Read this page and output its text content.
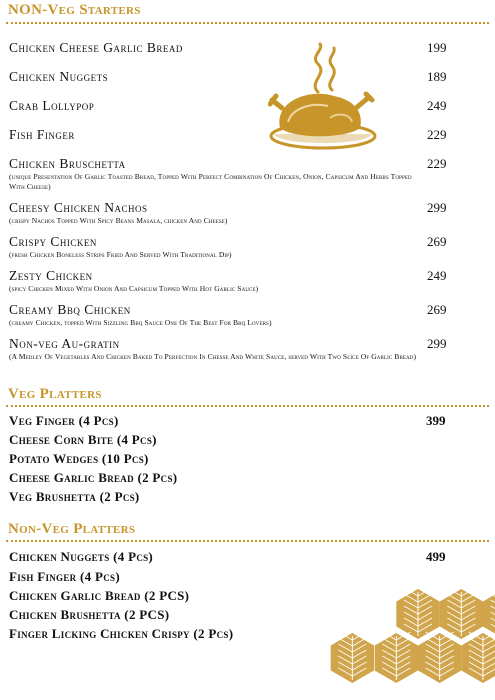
NON-Veg Starters
Chicken Cheese Garlic Bread	199
Chicken Nuggets	189
Crab Lollypop	249
Fish Finger	229
Chicken Bruschetta	229
(unique Presentation Of Garlic Toasted Bread, Topped With Perfect Combination Of Chicken, Onion, Capsicum And Herbs Topped With Cheese)
Cheesy Chicken Nachos	299
(crispy Nachos Topped With Spicy Beans Masala, chicken And Cheese)
Crispy Chicken	269
(fresh Chicken Boneless Strips Fried And Served With Traditional Dip)
Zesty Chicken	249
(spicy Chicken Mixed With Onion And Capsicum Topped With Hot Garlic Sauce)
Creamy Bbq Chicken	269
(creamy Chicken, topped With Sizzling Bbq Sauce One Of The Best For Bbq Lovers)
Non-veg Au-gratin	299
(A Medley Of Vegetables And Chicken Baked To Perfection In Chesse And White Sauce, served With Two Slice Of Garlic Bread)
Veg Platters
Veg Finger (4 Pcs)	399
Cheese Corn Bite (4 Pcs)
Potato Wedges (10 Pcs)
Cheese Garlic Bread (2 Pcs)
Veg Brushetta (2 Pcs)
Non-Veg Platters
Chicken Nuggets (4 Pcs)	499
Fish Finger (4 Pcs)
Chicken Garlic Bread (2 PCS)
Chicken Brushetta (2 PCS)
Finger Licking Chicken Crispy (2 Pcs)
